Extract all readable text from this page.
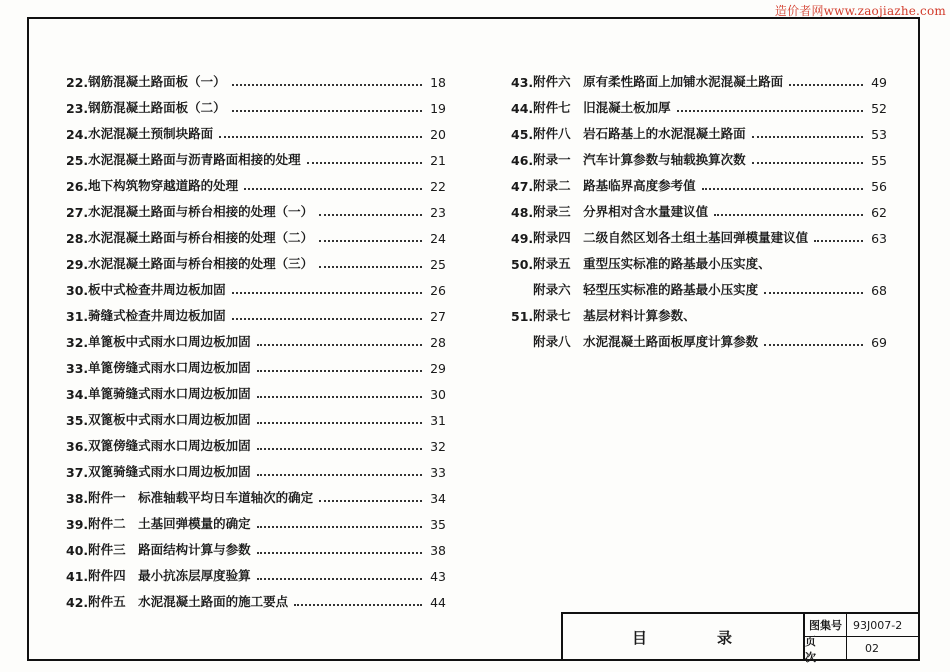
造价者网www.zaojiazhe.com
22. 钢筋混凝土路面板（一）	18
23. 钢筋混凝土路面板（二）	19
24. 水泥混凝土预制块路面	20
25. 水泥混凝土路面与沥青路面相接的处理	21
26. 地下构筑物穿越道路的处理	22
27. 水泥混凝土路面与桥台相接的处理（一）	23
28. 水泥混凝土路面与桥台相接的处理（二）	24
29. 水泥混凝土路面与桥台相接的处理（三）	25
30. 板中式检查井周边板加固	26
31. 骑缝式检查井周边板加固	27
32. 单篦板中式雨水口周边板加固	28
33. 单篦傍缝式雨水口周边板加固	29
34. 单篦骑缝式雨水口周边板加固	30
35. 双篦板中式雨水口周边板加固	31
36. 双篦傍缝式雨水口周边板加固	32
37. 双篦骑缝式雨水口周边板加固	33
38. 附件一　标准轴载平均日车道轴次的确定	34
39. 附件二　土基回弹模量的确定	35
40. 附件三　路面结构计算与参数	38
41. 附件四　最小抗冻层厚度验算	43
42. 附件五　水泥混凝土路面的施工要点	44
43. 附件六　原有柔性路面上加铺水泥混凝土路面	49
44. 附件七　旧混凝土板加厚	52
45. 附件八　岩石路基上的水泥混凝土路面	53
46. 附录一　汽车计算参数与轴载换算次数	55
47. 附录二　路基临界高度参考值	56
48. 附录三　分界相对含水量建议值	62
49. 附录四　二级自然区划各土组土基回弹模量建议值	63
50. 附录五　重型压实标准的路基最小压实度、
附录六　轻型压实标准的路基最小压实度	68
51. 附录七　基层材料计算参数、
附录八　水泥混凝土路面板厚度计算参数	69
目	录
图集号	93J007-2
页 次
02
